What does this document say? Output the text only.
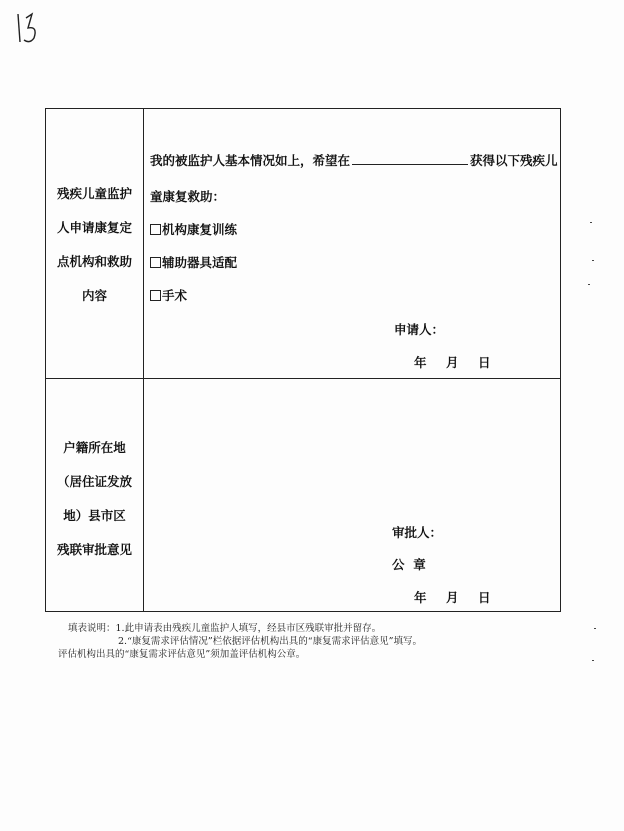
残疾儿童监护
人申请康复定
点机构和救助
内容
我的被监护人基本情况如上，希望在	获得以下残疾儿
童康复救助：
机构康复训练
辅助器具适配
手术
申请人：
年 月 日
户籍所在地
（居住证发放
地）县市区
残联审批意见
审批人：
公  章
年 月 日
填表说明：1.此申请表由残疾儿童监护人填写，经县市区残联审批并留存。
2.“康复需求评估情况”栏依据评估机构出具的“康复需求评估意见”填写。
评估机构出具的“康复需求评估意见”须加盖评估机构公章。
